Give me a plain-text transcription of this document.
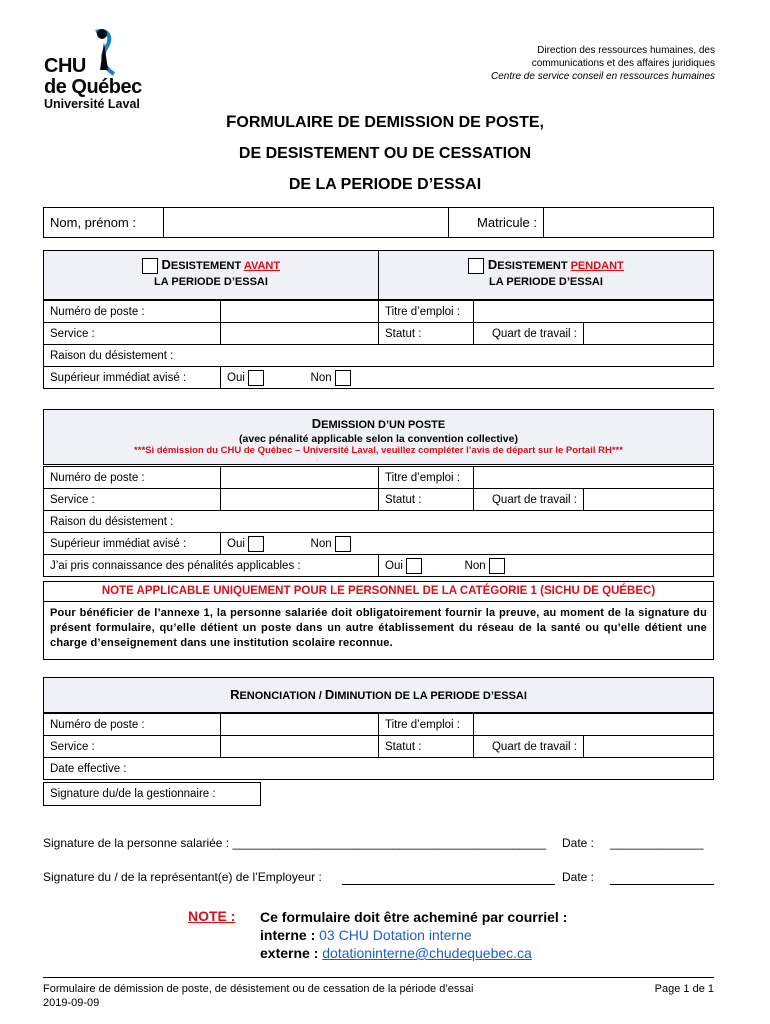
CHU
de Québec
Université Laval
Direction des ressources humaines, des
communications et des affaires juridiques
Centre de service conseil en ressources humaines
FORMULAIRE DE DEMISSION DE POSTE,
DE DESISTEMENT OU DE CESSATION
DE LA PERIODE D’ESSAI
Nom, prénom :		Matricule :	
DESISTEMENT AVANT
LA PERIODE D’ESSAI
DESISTEMENT PENDANT
LA PERIODE D’ESSAI
Numéro de poste :		Titre d’emploi :		
Service :		Statut :	Quart de travail :	
Raison du désistement :				
Supérieur immédiat avisé :	Oui Non			
DEMISSION D’UN POSTE
(avec pénalité applicable selon la convention collective)
***Si démission du CHU de Québec – Université Laval, veuillez compléter l’avis de départ sur le Portail RH***
Numéro de poste :		Titre d’emploi :		
Service :		Statut :	Quart de travail :	
Raison du désistement :				
Supérieur immédiat avisé :	Oui Non			
J’ai pris connaissance des pénalités applicables :		Oui Non		
NOTE APPLICABLE UNIQUEMENT POUR LE PERSONNEL DE LA CATÉGORIE 1 (SICHU DE QUÉBEC)
Pour bénéficier de l’annexe 1, la personne salariée doit obligatoirement fournir la preuve, au moment de la signature du présent formulaire, qu’elle détient un poste dans un autre établissement du réseau de la santé ou qu’elle détient une charge d’enseignement dans une institution scolaire reconnue.
RENONCIATION / DIMINUTION DE LA PERIODE D’ESSAI
Numéro de poste :		Titre d’emploi :		
Service :		Statut :	Quart de travail :	
Date effective :				
Signature du/de la gestionnaire :
Signature de la personne salariée : _______________________________________________ Date : ______________
Signature du / de la représentant(e) de l’Employeur :	Date :
NOTE : Ce formulaire doit être acheminé par courriel :
interne : 03 CHU Dotation interne
externe : dotationinterne@chudequebec.ca
Formulaire de démission de poste, de désistement ou de cessation de la période d’essai
2019-09-09
Page 1 de 1
